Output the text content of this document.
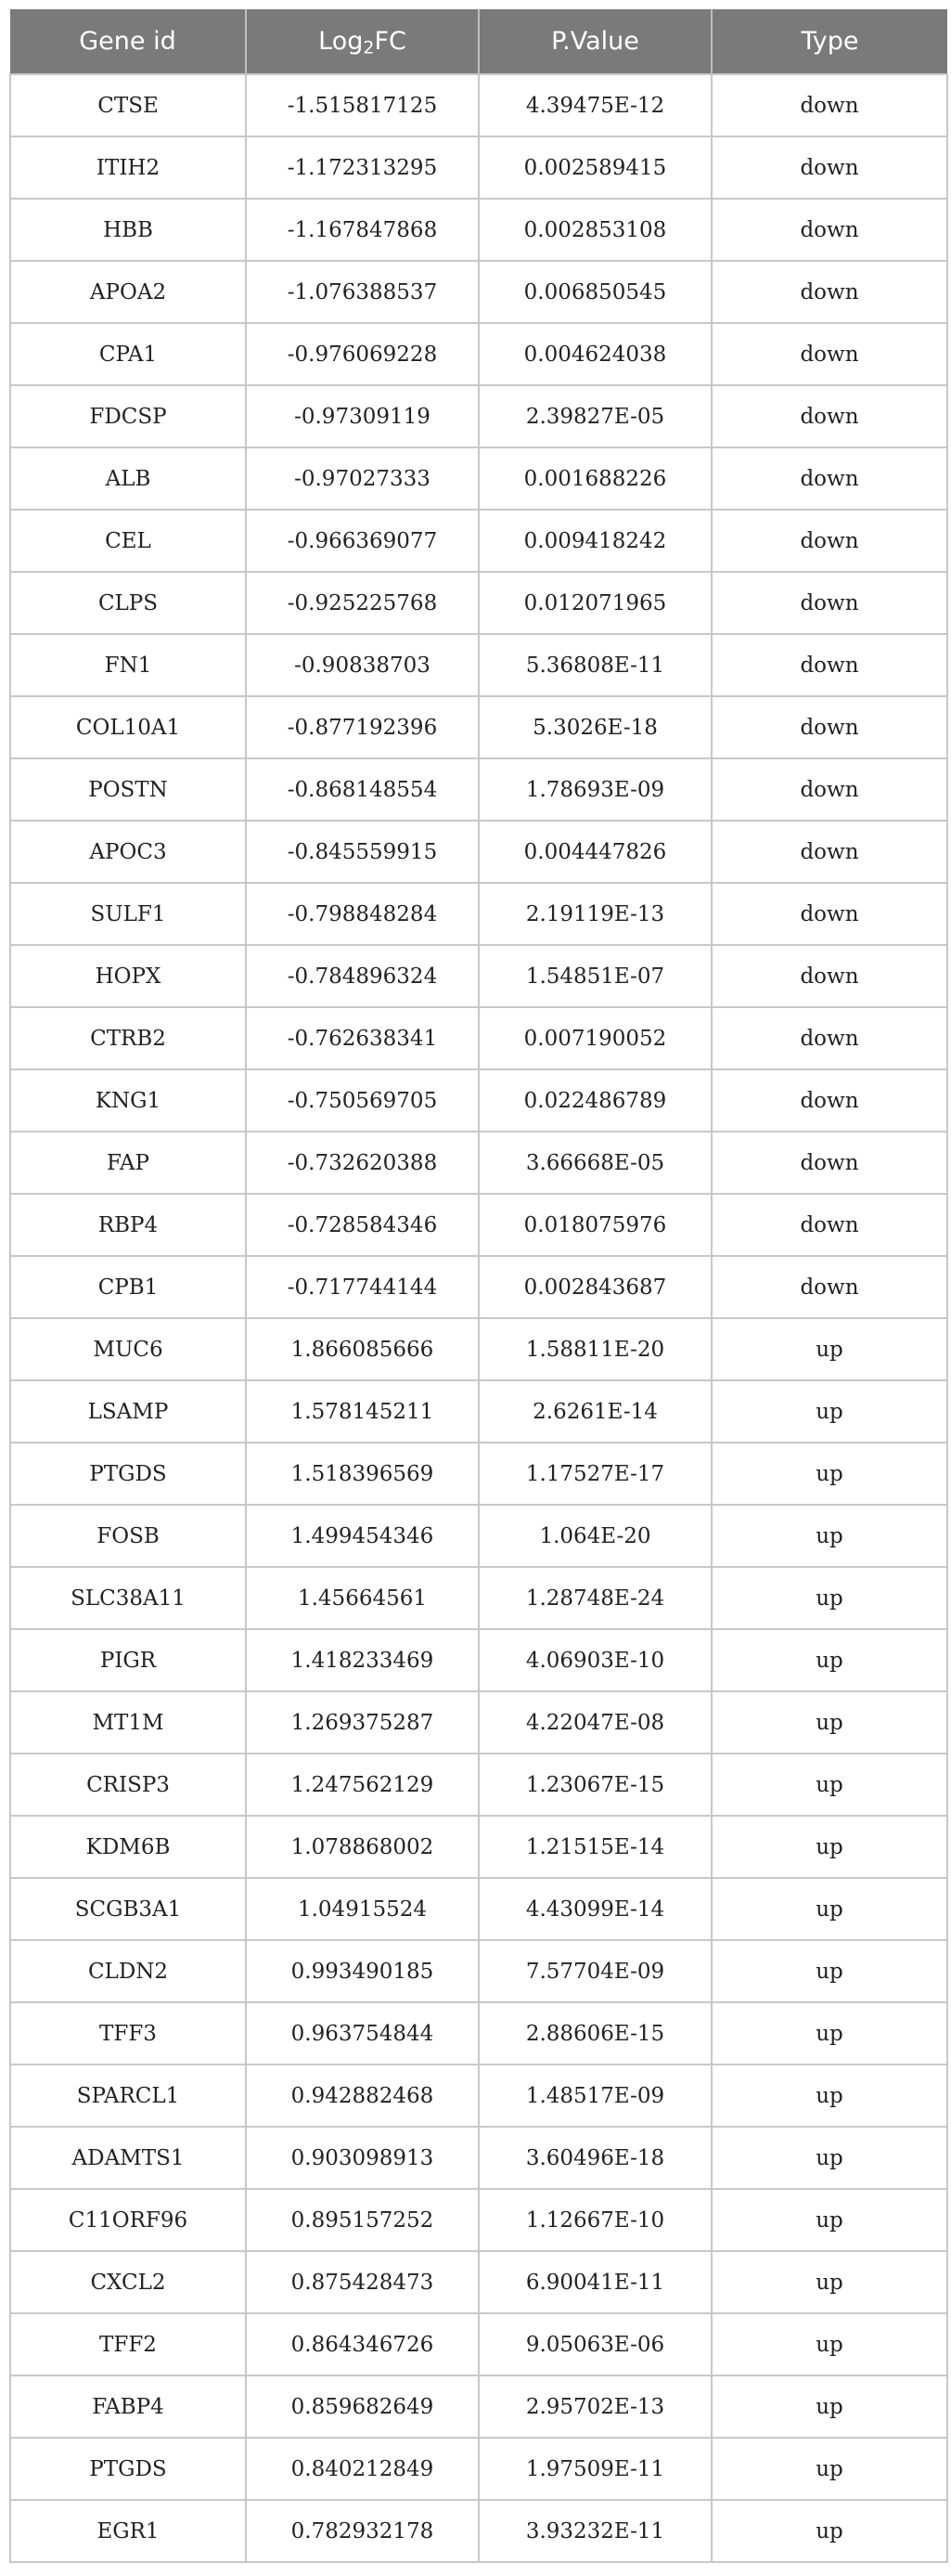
Gene id	Log$_2$FC	P.Value	Type
CTSE	-1.515817125	4.39475E-12	down
ITIH2	-1.172313295	0.002589415	down
HBB	-1.167847868	0.002853108	down
APOA2	-1.076388537	0.006850545	down
CPA1	-0.976069228	0.004624038	down
FDCSP	-0.97309119	2.39827E-05	down
ALB	-0.97027333	0.001688226	down
CEL	-0.966369077	0.009418242	down
CLPS	-0.925225768	0.012071965	down
FN1	-0.90838703	5.36808E-11	down
COL10A1	-0.877192396	5.3026E-18	down
POSTN	-0.868148554	1.78693E-09	down
APOC3	-0.845559915	0.004447826	down
SULF1	-0.798848284	2.19119E-13	down
HOPX	-0.784896324	1.54851E-07	down
CTRB2	-0.762638341	0.007190052	down
KNG1	-0.750569705	0.022486789	down
FAP	-0.732620388	3.66668E-05	down
RBP4	-0.728584346	0.018075976	down
CPB1	-0.717744144	0.002843687	down
MUC6	1.866085666	1.58811E-20	up
LSAMP	1.578145211	2.6261E-14	up
PTGDS	1.518396569	1.17527E-17	up
FOSB	1.499454346	1.064E-20	up
SLC38A11	1.45664561	1.28748E-24	up
PIGR	1.418233469	4.06903E-10	up
MT1M	1.269375287	4.22047E-08	up
CRISP3	1.247562129	1.23067E-15	up
KDM6B	1.078868002	1.21515E-14	up
SCGB3A1	1.04915524	4.43099E-14	up
CLDN2	0.993490185	7.57704E-09	up
TFF3	0.963754844	2.88606E-15	up
SPARCL1	0.942882468	1.48517E-09	up
ADAMTS1	0.903098913	3.60496E-18	up
C11ORF96	0.895157252	1.12667E-10	up
CXCL2	0.875428473	6.90041E-11	up
TFF2	0.864346726	9.05063E-06	up
FABP4	0.859682649	2.95702E-13	up
PTGDS	0.840212849	1.97509E-11	up
EGR1	0.782932178	3.93232E-11	up
